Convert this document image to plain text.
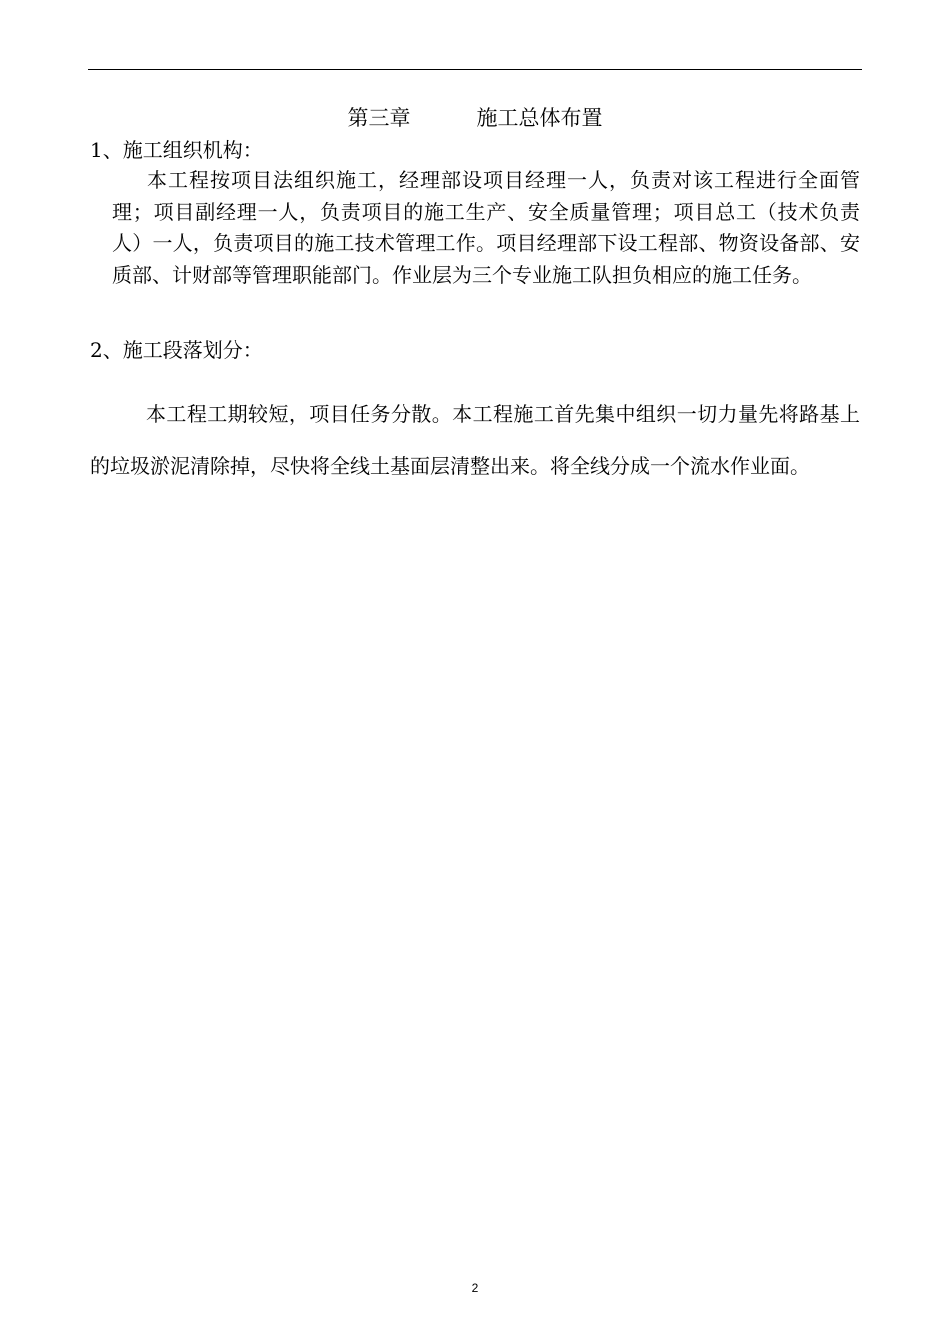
第三章	施工总体布置
1、施工组织机构：
本工程按项目法组织施工，经理部设项目经理一人，负责对该工程进行全面管理；项目副经理一人，负责项目的施工生产、安全质量管理；项目总工（技术负责人）一人，负责项目的施工技术管理工作。项目经理部下设工程部、物资设备部、安质部、计财部等管理职能部门。作业层为三个专业施工队担负相应的施工任务。
2、施工段落划分：
本工程工期较短，项目任务分散。本工程施工首先集中组织一切力量先将路基上的垃圾淤泥清除掉，尽快将全线土基面层清整出来。将全线分成一个流水作业面。
2
